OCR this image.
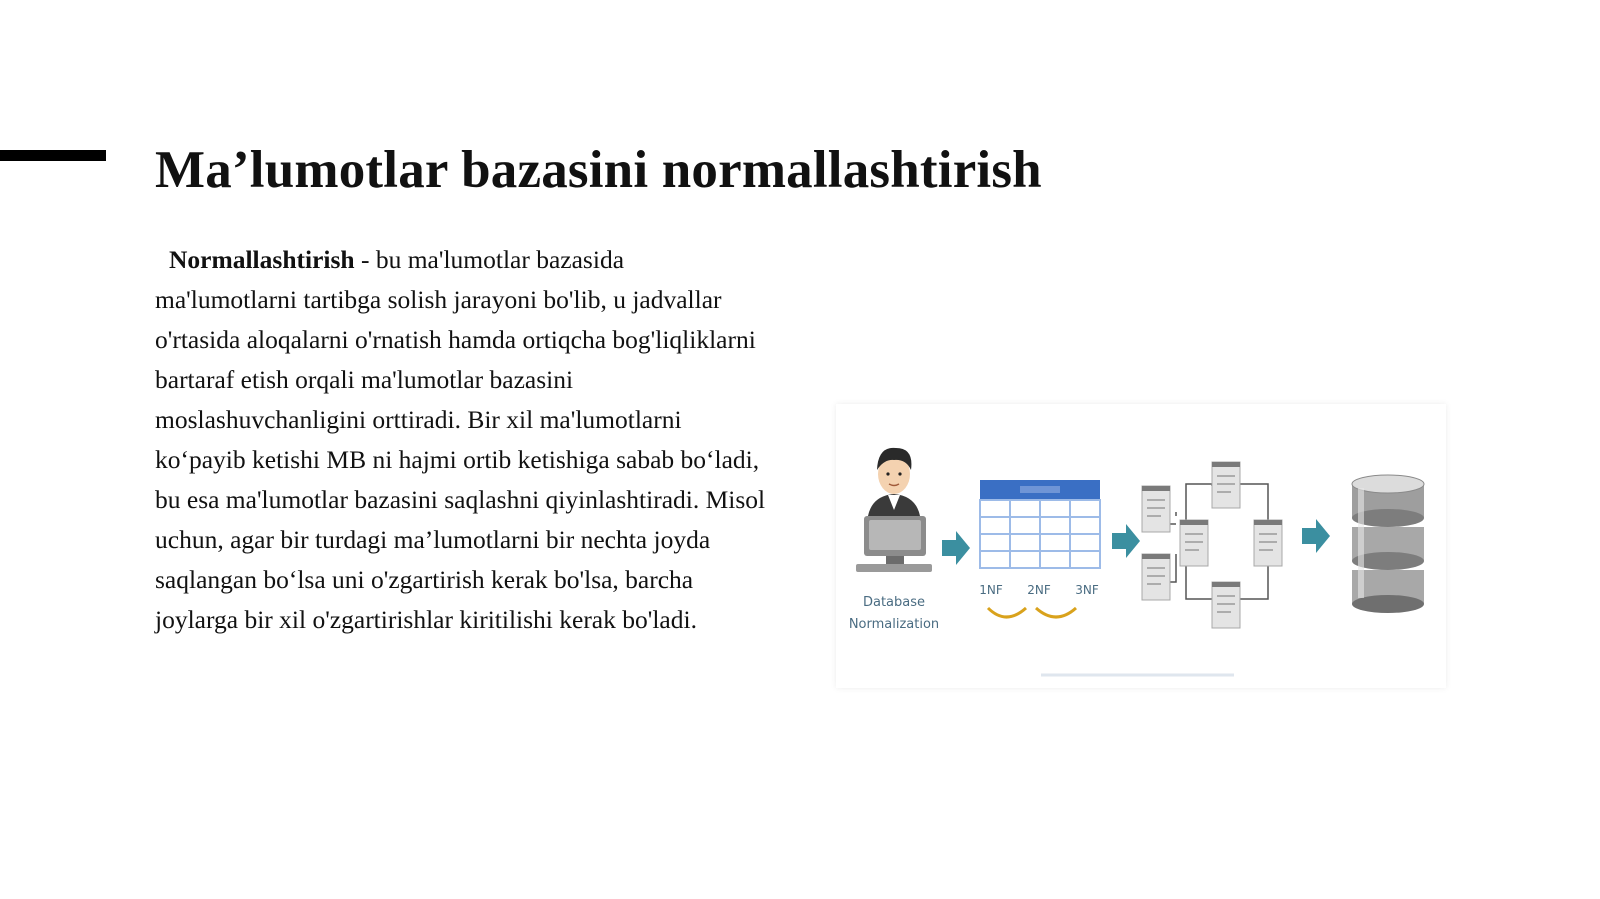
Ma’lumotlar bazasini normallashtirish
Normallashtirish - bu ma'lumotlar bazasida ma'lumotlarni tartibga solish jarayoni bo'lib, u jadvallar o'rtasida aloqalarni o'rnatish hamda ortiqcha bog'liqliklarni bartaraf etish orqali ma'lumotlar bazasini moslashuvchanligini orttiradi. Bir xil ma'lumotlarni ko‘payib ketishi MB ni hajmi ortib ketishiga sabab bo‘ladi, bu esa ma'lumotlar bazasini saqlashni qiyinlashtiradi. Misol uchun, agar bir turdagi ma’lumotlarni bir nechta joyda saqlangan bo‘lsa uni o'zgartirish kerak bo'lsa, barcha joylarga bir xil o'zgartirishlar kiritilishi kerak bo'ladi.
Database
Normalization
1NF 2NF 3NF
